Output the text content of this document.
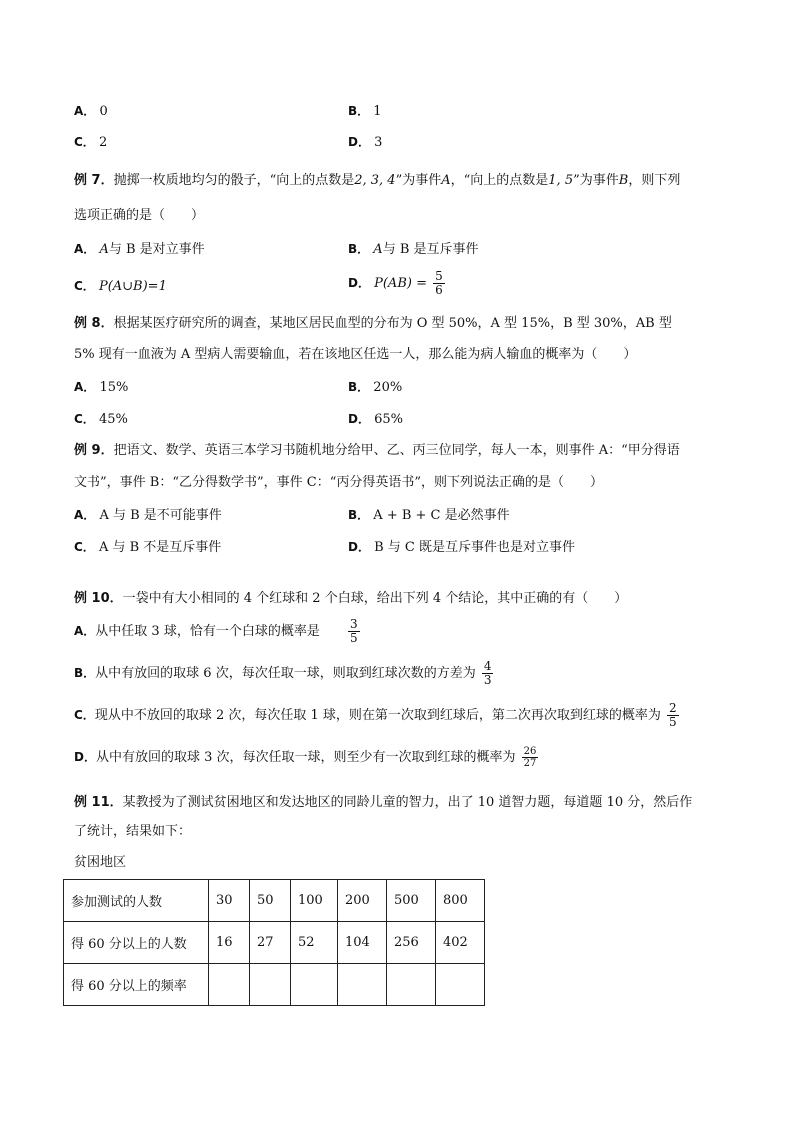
A． 0	B． 1
C． 2	D． 3
例 7．抛掷一枚质地均匀的骰子，“向上的点数是2, 3, 4”为事件A，“向上的点数是1, 5”为事件B，则下列
选项正确的是（　　）
A． A与 B 是对立事件	B． A与 B 是互斥事件
C． P(A∪B)=1	D． $P(AB) = \frac{5}{6}$
例 8．根据某医疗研究所的调查，某地区居民血型的分布为 O 型 50%，A 型 15%，B 型 30%，AB 型
5% 现有一血液为 A 型病人需要输血，若在该地区任选一人，那么能为病人输血的概率为（　　）
A． 15%	B． 20%
C． 45%	D． 65%
例 9．把语文、数学、英语三本学习书随机地分给甲、乙、丙三位同学，每人一本，则事件 A：“甲分得语
文书”，事件 B：“乙分得数学书”，事件 C：“丙分得英语书”，则下列说法正确的是（　　）
A． A 与 B 是不可能事件	B． A + B + C 是必然事件
C． A 与 B 不是互斥事件	D． B 与 C 既是互斥事件也是对立事件
例 10．一袋中有大小相同的 4 个红球和 2 个白球，给出下列 4 个结论，其中正确的有（　　）
A．从中任取 3 球，恰有一个白球的概率是 $\frac{3}{5}$
B．从中有放回的取球 6 次，每次任取一球，则取到红球次数的方差为 $\frac{4}{3}$
C．现从中不放回的取球 2 次，每次任取 1 球，则在第一次取到红球后，第二次再次取到红球的概率为 $\frac{2}{5}$
D．从中有放回的取球 3 次，每次任取一球，则至少有一次取到红球的概率为 $\frac{26}{27}$
例 11．某教授为了测试贫困地区和发达地区的同龄儿童的智力，出了 10 道智力题，每道题 10 分，然后作
了统计，结果如下：
贫困地区
参加测试的人数	30	50	100	200	500	800
得 60 分以上的人数	16	27	52	104	256	402
得 60 分以上的频率						
